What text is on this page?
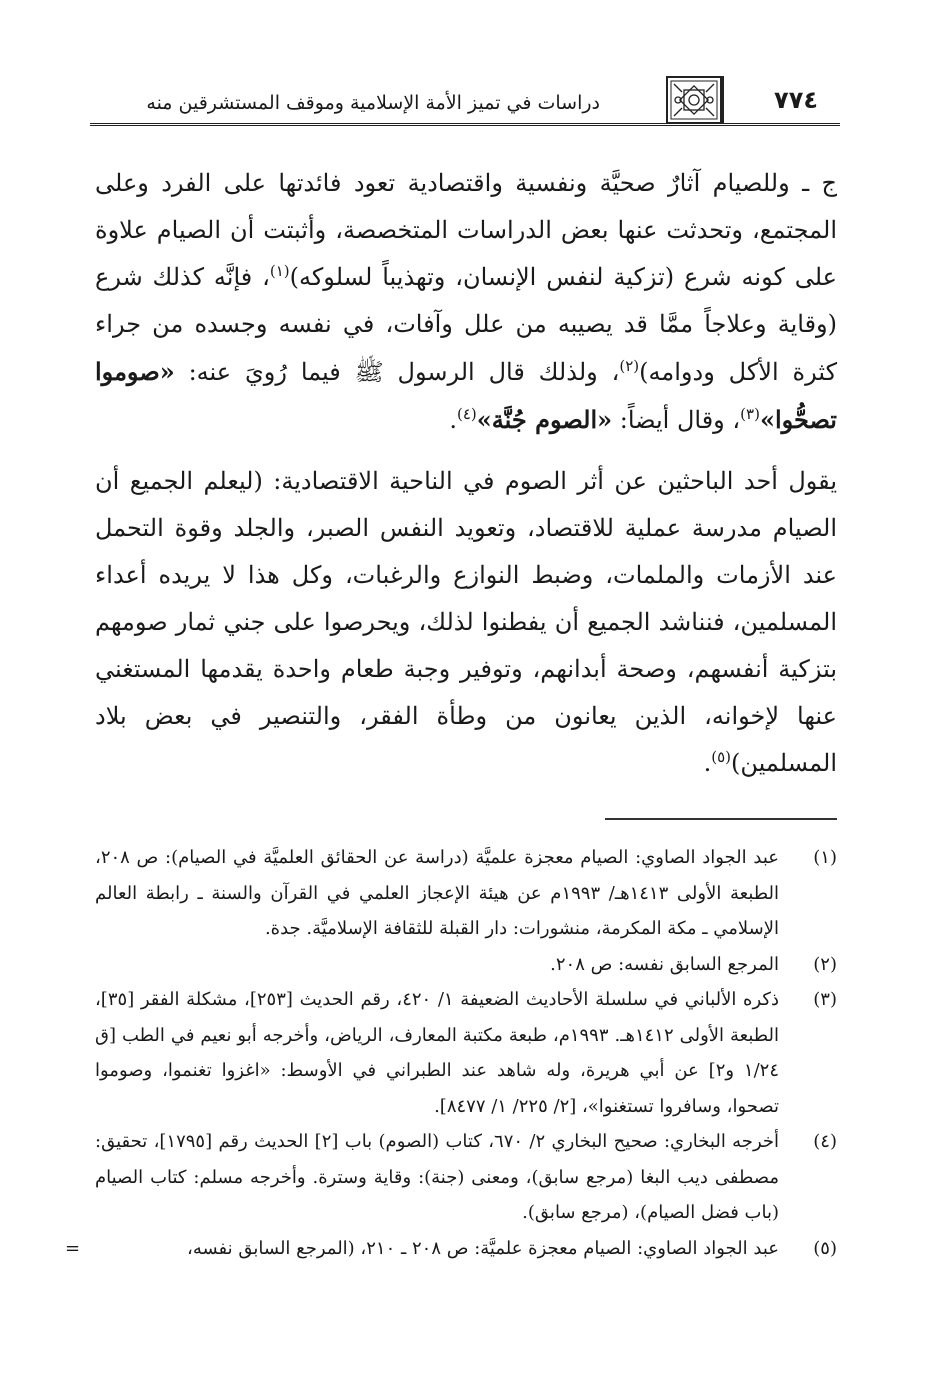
دراسات في تميز الأمة الإسلامية وموقف المستشرقين منه	٧٧٤

ج ـ وللصيام آثارٌ صحيَّة ونفسية واقتصادية تعود فائدتها على الفرد وعلى المجتمع، وتحدثت عنها بعض الدراسات المتخصصة، وأثبتت أن الصيام علاوة على كونه شرع (تزكية لنفس الإنسان، وتهذيباً لسلوكه)$^{(١)}$، فإنَّه كذلك شرع (وقاية وعلاجاً ممَّا قد يصيبه من علل وآفات، في نفسه وجسده من جراء كثرة الأكل ودوامه)$^{(٢)}$، ولذلك قال الرسول ﷺ فيما رُويَ عنه: «صوموا تصحُّوا»$^{(٣)}$، وقال أيضاً: «الصوم جُنَّة»$^{(٤)}$.

يقول أحد الباحثين عن أثر الصوم في الناحية الاقتصادية: (ليعلم الجميع أن الصيام مدرسة عملية للاقتصاد، وتعويد النفس الصبر، والجلد وقوة التحمل عند الأزمات والملمات، وضبط النوازع والرغبات، وكل هذا لا يريده أعداء المسلمين، فنناشد الجميع أن يفطنوا لذلك، ويحرصوا على جني ثمار صومهم بتزكية أنفسهم، وصحة أبدانهم، وتوفير وجبة طعام واحدة يقدمها المستغني عنها لإخوانه، الذين يعانون من وطأة الفقر، والتنصير في بعض بلاد المسلمين)$^{(٥)}$.

(١)
عبد الجواد الصاوي: الصيام معجزة علميَّة (دراسة عن الحقائق العلميَّة في الصيام): ص ٢٠٨، الطبعة الأولى ١٤١٣هـ/ ١٩٩٣م عن هيئة الإعجاز العلمي في القرآن والسنة ـ رابطة العالم الإسلامي ـ مكة المكرمة، منشورات: دار القبلة للثقافة الإسلاميَّة. جدة.
(٢)
المرجع السابق نفسه: ص ٢٠٨.
(٣)
ذكره الألباني في سلسلة الأحاديث الضعيفة ١/ ٤٢٠، رقم الحديث [٢٥٣]، مشكلة الفقر [٣٥]، الطبعة الأولى ١٤١٢هـ. ١٩٩٣م، طبعة مكتبة المعارف، الرياض، وأخرجه أبو نعيم في الطب [ق ١/٢٤ و٢] عن أبي هريرة، وله شاهد عند الطبراني في الأوسط: «اغزوا تغنموا، وصوموا تصحوا، وسافروا تستغنوا»، [٢/ ٢٢٥/ ١/ ٨٤٧٧].
(٤)
أخرجه البخاري: صحيح البخاري ٢/ ٦٧٠، كتاب (الصوم) باب [٢] الحديث رقم [١٧٩٥]، تحقيق: مصطفى ديب البغا (مرجع سابق)، ومعنى (جنة): وقاية وسترة. وأخرجه مسلم: كتاب الصيام (باب فضل الصيام)، (مرجع سابق).
(٥)
عبد الجواد الصاوي: الصيام معجزة علميَّة: ص ٢٠٨ ـ ٢١٠، (المرجع السابق نفسه،
=
